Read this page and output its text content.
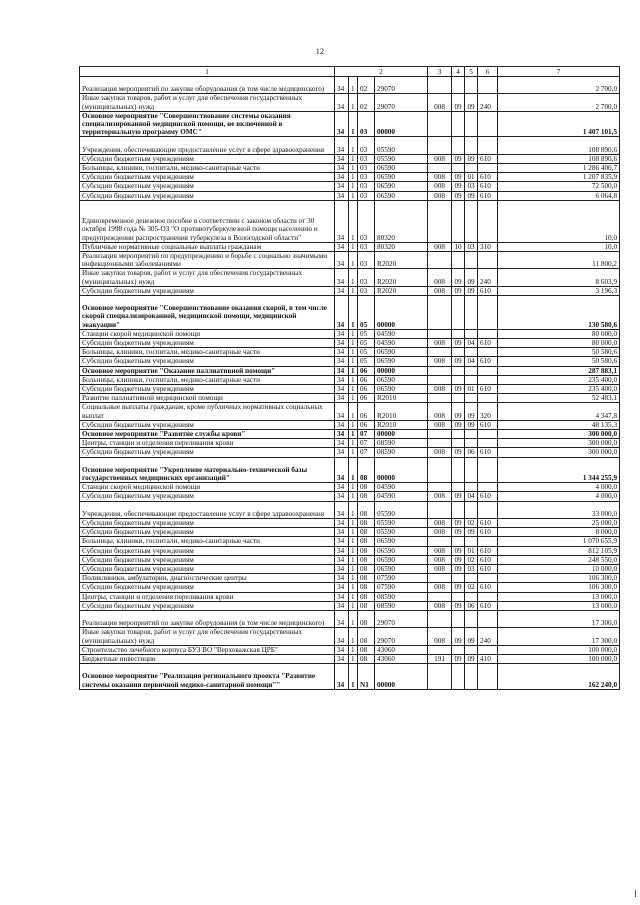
12
1	2				3	4	5	6	7
Реализация мероприятий по закупке оборудования (в том числе медицинского)	34	1	02	29070					2 700,0
Иные закупки товаров, работ и услуг для обеспечения государственных (муниципальных) нужд	34	1	02	29070	008	09	09	240	2 700,0
Основное мероприятие "Совершенствование системы оказания специализированной медицинской помощи, не включенной в территориальную программу ОМС"	34	1	03	00000					1 407 101,5
Учреждения, обеспечивающие предоставление услуг в сфере здравоохранения	34	1	03	05590					108 890,6
Субсидии бюджетным учреждениям	34	1	03	05590	008	09	09	610	108 890,6
Больницы, клиники, госпитали, медико-санитарные части	34	1	03	06590					1 286 400,7
Субсидии бюджетным учреждениям	34	1	03	06590	008	09	01	610	1 207 835,9
Субсидии бюджетным учреждениям	34	1	03	06590	008	09	03	610	72 500,0
Субсидии бюджетным учреждениям	34	1	03	06590	008	09	09	610	6 064,8
Единовременное денежное пособие в соответствии с законом области от 30 октября 1998 года № 305-ОЗ "О противотуберкулезной помощи населению и предупреждении распространения туберкулеза в Вологодской области"	34	1	03	80320					10,0
Публичные нормативные социальные выплаты гражданам	34	1	03	80320	008	10	03	310	10,0
Реализация мероприятий по предупреждению и борьбе с социально значимыми инфекционными заболеваниями	34	1	03	R2020					11 800,2
Иные закупки товаров, работ и услуг для обеспечения государственных (муниципальных) нужд	34	1	03	R2020	008	09	09	240	8 603,9
Субсидии бюджетным учреждениям	34	1	03	R2020	008	09	09	610	3 196,3
Основное мероприятие "Совершенствование оказания скорой, в том числе скорой специализированной, медицинской помощи, медицинской эвакуации"	34	1	05	00000					130 580,6
Станции скорой медицинской помощи	34	1	05	04590					80 000,0
Субсидии бюджетным учреждениям	34	1	05	04590	008	09	04	610	80 000,0
Больницы, клиники, госпитали, медико-санитарные части	34	1	05	06590					50 580,6
Субсидии бюджетным учреждениям	34	1	05	06590	008	09	04	610	50 580,6
Основное мероприятие "Оказание паллиативной помощи"	34	1	06	00000					287 883,1
Больницы, клиники, госпитали, медико-санитарные части	34	1	06	06590					235 400,0
Субсидии бюджетным учреждениям	34	1	06	06590	008	09	01	610	235 400,0
Развитие паллиативной медицинской помощи	34	1	06	R2010					52 483,1
Социальные выплаты гражданам, кроме публичных нормативных социальных выплат	34	1	06	R2010	008	09	09	320	4 347,8
Субсидии бюджетным учреждениям	34	1	06	R2010	008	09	09	610	48 135,3
Основное мероприятие "Развитие службы крови"	34	1	07	00000					300 000,0
Центры, станции и отделения переливания крови	34	1	07	08590					300 000,0
Субсидии бюджетным учреждениям	34	1	07	08590	008	09	06	610	300 000,0
Основное мероприятие "Укрепление материально-технической базы государственных медицинских организаций"	34	1	08	00000					1 344 255,9
Станции скорой медицинской помощи	34	1	08	04590					4 000,0
Субсидии бюджетным учреждениям	34	1	08	04590	008	09	04	610	4 000,0
Учреждения, обеспечивающие предоставление услуг в сфере здравоохранения	34	1	08	05590					33 000,0
Субсидии бюджетным учреждениям	34	1	08	05590	008	09	02	610	25 000,0
Субсидии бюджетным учреждениям	34	1	08	05590	008	09	09	610	8 000,0
Больницы, клиники, госпитали, медико-санитарные части	34	1	08	06590					1 070 655,9
Субсидии бюджетным учреждениям	34	1	08	06590	008	09	01	610	812 105,9
Субсидии бюджетным учреждениям	34	1	08	06590	008	09	02	610	248 550,0
Субсидии бюджетным учреждениям	34	1	08	06590	008	09	03	610	10 000,0
Поликлиники, амбулатории, диагностические центры	34	1	08	07590					106 300,0
Субсидии бюджетным учреждениям	34	1	08	07590	008	09	02	610	106 300,0
Центры, станции и отделения переливания крови	34	1	08	08590					13 000,0
Субсидии бюджетным учреждениям	34	1	08	08590	008	09	06	610	13 000,0
Реализация мероприятий по закупке оборудования (в том числе медицинского)	34	1	08	29070					17 300,0
Иные закупки товаров, работ и услуг для обеспечения государственных (муниципальных) нужд	34	1	08	29070	008	09	09	240	17 300,0
Строительство лечебного корпуса БУЗ ВО "Верховажская ЦРБ"	34	1	08	43060					100 000,0
Бюджетные инвестиции	34	1	08	43060	191	09	09	410	100 000,0
Основное мероприятие "Реализация регионального проекта "Развитие системы оказания первичной медико-санитарной помощи""	34	1	N1	00000					162 240,0
